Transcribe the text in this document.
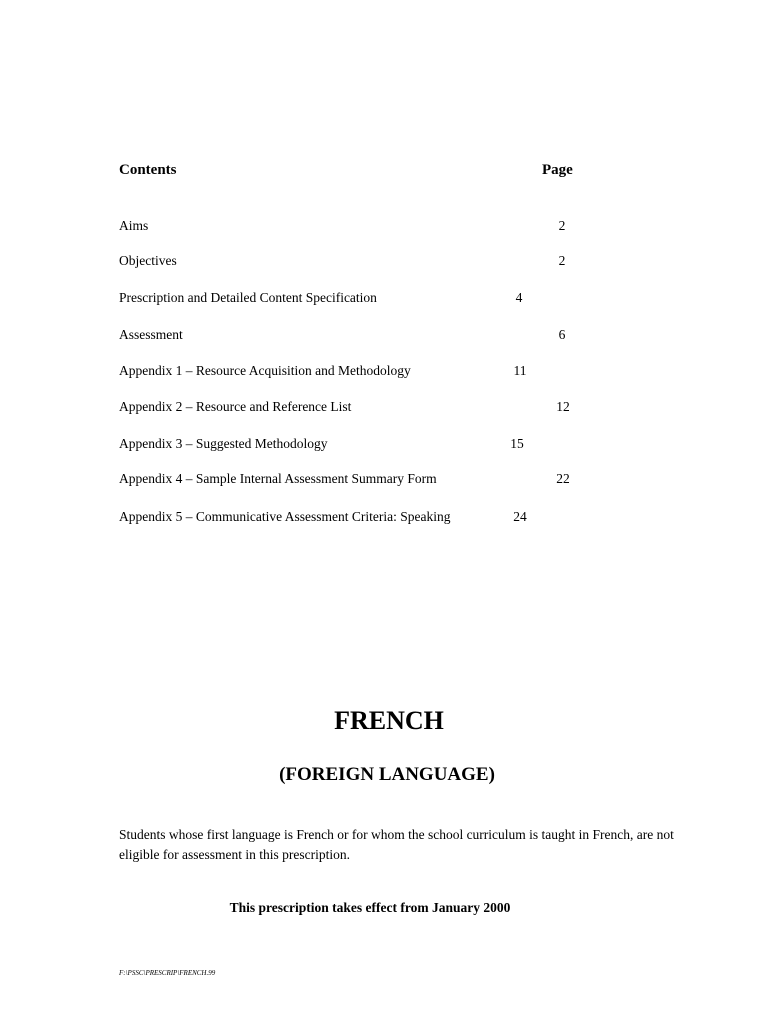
Contents	Page
Aims	2
Objectives	2
Prescription and Detailed Content Specification	4
Assessment	6
Appendix 1 – Resource Acquisition and Methodology	11
Appendix 2 – Resource and Reference List	12
Appendix 3 – Suggested Methodology	15
Appendix 4 – Sample Internal Assessment Summary Form	22
Appendix 5 – Communicative Assessment Criteria: Speaking	24
FRENCH
(FOREIGN LANGUAGE)
Students whose first language is French or for whom the school curriculum is taught in French, are not eligible for assessment in this prescription.
This prescription takes effect from January 2000
F:\PSSC\PRESCRIP\FRENCH.99
